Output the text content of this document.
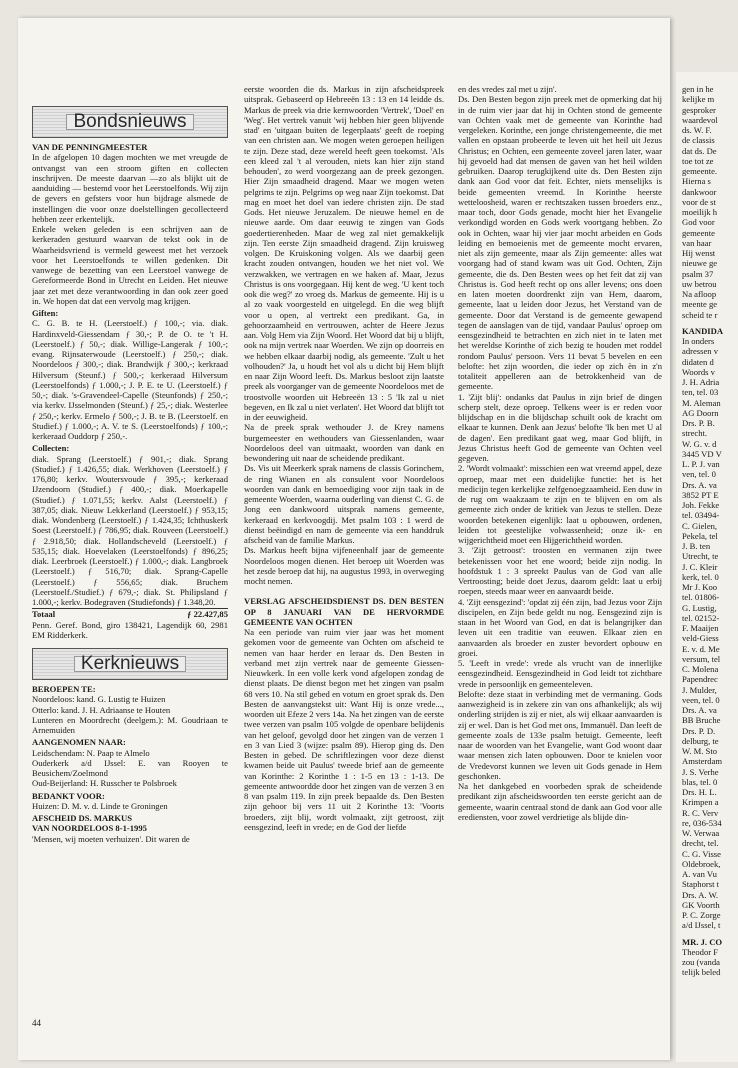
Bondsnieuws

VAN DE PENNINGMEESTER

In de afgelopen 10 dagen mochten we met vreugde de ontvangst van een stroom giften en collecten inschrijven. De meeste daarvan —zo als blijkt uit de aanduiding — bestemd voor het Leerstoelfonds. Wij zijn de gevers en gefsters voor hun bijdrage alsmede de instellingen die voor onze doelstellingen gecollecteerd hebben zeer erkentelijk.

Enkele weken geleden is een schrijven aan de kerkeraden gestuurd waarvan de tekst ook in de Waarheidsvriend is vermeld geweest met het verzoek voor het Leerstoelfonds te willen gedenken. Dit vanwege de bezetting van een Leerstoel vanwege de Gereformeerde Bond in Utrecht en Leiden. Het nieuwe jaar zet met deze verantwoording in dan ook zeer goed in. We hopen dat dat een vervolg mag krijgen.

Giften:

C. G. B. te H. (Leerstoelf.) ƒ 100,-; via. diak. Hardinxveld-Giessendam ƒ 30,-; P. de O. te 't H. (Leerstoelf.) ƒ 50,-; diak. Willige-Langerak ƒ 100,-; evang. Rijnsaterwoude (Leerstoelf.) ƒ 250,-; diak. Noordeloos ƒ 300,-; diak. Brandwijk ƒ 300,-; kerkraad Hilversum (Steunf.) ƒ 500,-; kerkeraad Hilversum (Leerstoelfonds) ƒ 1.000,-; J. P. E. te U. (Leerstoelf.) ƒ 50,-; diak. 's-Gravendeel-Capelle (Steunfonds) ƒ 250,-; via kerkv. IJsselmonden (Steunf.) ƒ 25,-; diak. Westerlee ƒ 250,-; kerkv. Ermelo ƒ 500,-; J. B. te B. (Leerstoelf. en Studief.) ƒ 1.000,-; A. V. te S. (Leerstoelfonds) ƒ 100,-; kerkeraad Ouddorp ƒ 250,-.

Collecten:

diak. Sprang (Leerstoelf.) ƒ 901,-; diak. Sprang (Studief.) ƒ 1.426,55; diak. Werkhoven (Leerstoelf.) ƒ 176,80; kerkv. Woutersvoude ƒ 395,-; kerkeraad IJzendoorn (Studief.) ƒ 400,-; diak. Moerkapelle (Studief.) ƒ 1.071,55; kerkv. Aalst (Leerstoelf.) ƒ 387,05; diak. Nieuw Lekkerland (Leerstoelf.) ƒ 953,15; diak. Wondenberg (Leerstoelf.) ƒ 1.424,35; Ichthuskerk Soest (Leerstoelf.) ƒ 786,95; diak. Rouveen (Leerstoelf.) ƒ 2.918,50; diak. Hollandscheveld (Leerstoelf.) ƒ 535,15; diak. Hoevelaken (Leerstoelfonds) ƒ 896,25; diak. Leerbroek (Leerstoelf.) ƒ 1.000,-; diak. Langbroek (Leerstoelf.) ƒ 516,70; diak. Sprang-Capelle (Leerstoelf.) ƒ 556,65; diak. Bruchem (Leerstoelf./Studief.) ƒ 679,-; diak. St. Philipsland ƒ 1.000,-; kerkv. Bodegraven (Studiefonds) ƒ 1.348,20.

Totaal	ƒ 22.427,85

Penn. Geref. Bond, giro 138421, Lagendijk 60, 2981 EM Ridderkerk.

Kerknieuws

BEROEPEN TE:

Noordeloos: kand. G. Lustig te Huizen
Otterlo: kand. J. H. Adriaanse te Houten
Lunteren en Moordrecht (deelgem.): M. Goudriaan te Arnemuiden

AANGENOMEN NAAR:

Leidschendam: N. Paap te Almelo
Ouderkerk a/d IJssel: E. van Rooyen te Beusichem/Zoelmond
Oud-Beijerland: H. Russcher te Polsbroek

BEDANKT VOOR:

Huizen: D. M. v. d. Linde te Groningen

AFSCHEID DS. MARKUS
VAN NOORDELOOS 8-1-1995

'Mensen, wij moeten verhuizen'. Dit waren de

eerste woorden die ds. Markus in zijn afscheidspreek uitsprak. Gebaseerd op Hebreeën 13 : 13 en 14 leidde ds. Markus de preek via drie kernwoorden 'Vertrek', 'Doel' en 'Weg'. Het vertrek vanuit 'wij hebben hier geen blijvende stad' en 'uitgaan buiten de legerplaats' geeft de roeping van een christen aan. We mogen weten geroepen heiligen te zijn. Deze stad, deze wereld heeft geen toekomst. 'Als een kleed zal 't al verouden, niets kan hier zijn stand behouden', zo werd voorgezang aan de preek gezongen. Hier Zijn smaadheid dragend. Maar we mogen weten pelgrims te zijn. Pelgrims op weg naar Zijn toekomst. Dat mag en moet het doel van iedere christen zijn. De stad Gods. Het nieuwe Jeruzalem. De nieuwe hemel en de nieuwe aarde. Om daar eeuwig te zingen van Gods goedertierenheden. Maar de weg zal niet gemakkelijk zijn. Ten eerste Zijn smaadheid dragend. Zijn kruisweg volgen. De Kruiskoning volgen. Als we daarbij geen kracht zouden ontvangen, houden we het niet vol. We verzwakken, we vertragen en we haken af. Maar, Jezus Christus is ons voorgegaan. Hij kent de weg. 'U kent toch ook die weg?' zo vroeg ds. Markus de gemeente. Hij is u al zo vaak voorgesteld en uitgelegd. En die weg blijft voor u open, al vertrekt een predikant. Ga, in gehoorzaamheid en vertrouwen, achter de Heere Jezus aan. Volg Hem via Zijn Woord. Het Woord dat bij u blijft, ook na mijn vertrek naar Woerden. We zijn op doorreis en we hebben elkaar daarbij nodig, als gemeente. 'Zult u het volhouden?' Ja, u houdt het vol als u dicht bij Hem blijft en naar Zijn Woord leeft. Ds. Markus besloot zijn laatste preek als voorganger van de gemeente Noordeloos met de troostvolle woorden uit Hebreeën 13 : 5 'Ik zal u niet begeven, en Ik zal u niet verlaten'. Het Woord dat blijft tot in der eeuwigheid.

Na de preek sprak wethouder J. de Krey namens burgemeester en wethouders van Giessenlanden, waar Noordeloos deel van uitmaakt, woorden van dank en bewondering uit naar de scheidende predikant.

Ds. Vis uit Meerkerk sprak namens de classis Gorinchem, de ring Wianen en als consulent voor Noordeloos woorden van dank en bemoediging voor zijn taak in de gemeente Woerden, waarna ouderling van dienst C. G. de Jong een dankwoord uitsprak namens gemeente, kerkeraad en kerkvoogdij. Met psalm 103 : 1 werd de dienst beëindigd en nam de gemeente via een handdruk afscheid van de familie Markus.

Ds. Markus heeft bijna vijfeneenhalf jaar de gemeente Noordeloos mogen dienen. Het beroep uit Woerden was het zesde beroep dat hij, na augustus 1993, in overweging mocht nemen.

VERSLAG AFSCHEIDSDIENST DS. DEN BESTEN OP 8 JANUARI VAN DE HERVORMDE GEMEENTE VAN OCHTEN

Na een periode van ruim vier jaar was het moment gekomen voor de gemeente van Ochten om afscheid te nemen van haar herder en leraar ds. Den Besten in verband met zijn vertrek naar de gemeente Giessen-Nieuwkerk. In een volle kerk vond afgelopen zondag de dienst plaats. De dienst begon met het zingen van psalm 68 vers 10. Na stil gebed en votum en groet sprak ds. Den Besten de aanvangstekst uit: Want Hij is onze vrede..., woorden uit Efeze 2 vers 14a. Na het zingen van de eerste twee verzen van psalm 105 volgde de openbare belijdenis van het geloof, gevolgd door het zingen van de verzen 1 en 3 van Lied 3 (wijze: psalm 89). Hierop ging ds. Den Besten in gebed. De schriftlezingen voor deze dienst kwamen beide uit Paulus' tweede brief aan de gemeente van Korinthe: 2 Korinthe 1 : 1-5 en 13 : 1-13. De gemeente antwoordde door het zingen van de verzen 3 en 8 van psalm 119. In zijn preek bepaalde ds. Den Besten zijn gehoor bij vers 11 uit 2 Korinthe 13: 'Voorts broeders, zijt blij, wordt volmaakt, zijt getroost, zijt eensgezind, leeft in vrede; en de God der liefde

en des vredes zal met u zijn'.

Ds. Den Besten begon zijn preek met de opmerking dat hij in de ruim vier jaar dat hij in Ochten stond de gemeente van Ochten vaak met de gemeente van Korinthe had vergeleken. Korinthe, een jonge christengemeente, die met vallen en opstaan probeerde te leven uit het heil uit Jezus Christus; en Ochten, een gemeente zoveel jaren later, waar hij gevoeld had dat mensen de gaven van het heil wilden gebruiken. Daarop terugkijkend uite ds. Den Besten zijn dank aan God voor dat feit. Echter, niets menselijks is beide gemeenten vreemd. In Korinthe heerste wetteloosheid, waren er rechtszaken tussen broeders enz., maar toch, door Gods genade, mocht hier het Evangelie verkondigd worden en Gods werk voortgang hebben. Zo ook in Ochten, waar hij vier jaar mocht arbeiden en Gods leiding en bemoeienis met de gemeente mocht ervaren, niet als zijn gemeente, maar als Zijn gemeente: alles wat voorgang had of stand kwam was uit God. Ochten, Zijn gemeente, die ds. Den Besten wees op het feit dat zij van Christus is. God heeft recht op ons aller levens; ons doen en laten moeten doordrenkt zijn van Hem, daarom, gemeente, laat u leiden door Jezus, het Verstand van de gemeente. Door dat Verstand is de gemeente gewapend tegen de aanslagen van de tijd, vandaar Paulus' oproep om eensgezindheid te betrachten en zich niet in te laten met het wereldse Korinthe of zich bezig te houden met roddel rondom Paulus' persoon. Vers 11 bevat 5 bevelen en een belofte: het zijn woorden, die ieder op zich èn in z'n totaliteit appelleren aan de betrokkenheid van de gemeente.

1. 'Zijt blij': ondanks dat Paulus in zijn brief de dingen scherp stelt, deze oproep. Telkens weer is er reden voor blijdschap en in die blijdschap schuilt ook de kracht om elkaar te kunnen. Denk aan Jezus' belofte 'Ik ben met U al de dagen'. Een predikant gaat weg, maar God blijft, in Jezus Christus heeft God de gemeente van Ochten veel gegeven.

2. 'Wordt volmaakt': misschien een wat vreemd appel, deze oproep, maar met een duidelijke functie: het is het medicijn tegen kerkelijke zelfgenoegzaamheid. Een duw in de rug om waakzaam te zijn en te blijven en om als gemeente zich onder de kritiek van Jezus te stellen. Deze woorden betekenen eigenlijk: laat u opbouwen, ordenen, leiden tot geestelijke volwassenheid; onze ik- en wijgerichtheid moet een Hijgerichtheid worden.

3. 'Zijt getroost': troosten en vermanen zijn twee betekenissen voor het ene woord; beide zijn nodig. In hoofdstuk 1 : 3 spreekt Paulus van de God van alle Vertroosting; beide doet Jezus, daarom geldt: laat u erbij roepen, steeds maar weer en aanvaardt beide.

4. 'Zijt eensgezind': 'opdat zij één zijn, bad Jezus voor Zijn discipelen, en Zijn bede geldt nu nog. Eensgezind zijn is staan in het Woord van God, en dat is belangrijker dan leven uit een traditie van eeuwen. Elkaar zien en aanvaarden als broeder en zuster bevordert opbouw en groei.

5. 'Leeft in vrede': vrede als vrucht van de innerlijke eensgezindheid. Eensgezindheid in God leidt tot zichtbare vrede in persoonlijk en gemeenteleven.

Belofte: deze staat in verbinding met de vermaning. Gods aanwezigheid is in zekere zin van ons afhankelijk; als wij onderling strijden is zij er niet, als wij elkaar aanvaarden is zij er wel. Dan is het God met ons, Immanuël. Dan leeft de gemeente zoals de 133e psalm betuigt. Gemeente, leeft naar de woorden van het Evangelie, want God woont daar waar mensen zich laten opbouwen. Door te knielen voor de Vredevorst kunnen we leven uit Gods genade in Hem geschonken.

Na het dankgebed en voorbeden sprak de scheidende predikant zijn afscheidswoorden ten eerste gericht aan de gemeente, waarin centraal stond de dank aan God voor alle erediensten, voor zowel verdrietige als blijde din-

44

gen in he

kelijke m

gesproker

waardevol

ds. W. F.

de classis

dat ds. De

toe tot ze

gemeente.

Hierna s

dankwoor

voor de st

moeilijk h

God voor

gemeente

van haar

Hij wenst

nieuwe ge

psalm 37

uw betrou

Na afloop

meente ge

scheid te r

KANDIDA

In onders

adressen v

didaten d

Woords v

J. H. Adria

ten, tel. 03

M. Aleman

AG Doorn

Drs. P. B.

strecht.

W. G. v. d

3445 VD V

L. P. J. van

ven, tel. 0

Drs. A. va

3852 PT E

Joh. Fekke

tel. 03494-

C. Gielen,

Pekela, tel

J. B. ten

Utrecht, te

J. C. Kleir

kerk, tel. 0

Mr J. Koo

tel. 01806-

G. Lustig,

tel. 02152-

F. Maaijen

veld-Giess

E. v. d. Me

versum, tel

C. Molena

Papendrec

J. Mulder,

veen, tel. 0

Drs. A. va

BB Bruche

Drs. P. D.

delburg, te

W. M. Sto

Amsterdam

J. S. Verhe

blas, tel. 0

Drs. H. L.

Krimpen a

R. C. Verv

re, 036-534

W. Verwaa

drecht, tel.

C. G. Visse

Oldebroek,

A. van Vu

Staphorst t

Drs. A. W.

GK Voorth

P. C. Zorge

a/d IJssel, t

MR. J. CO

Theodor F

zou (vanda

telijk beled
